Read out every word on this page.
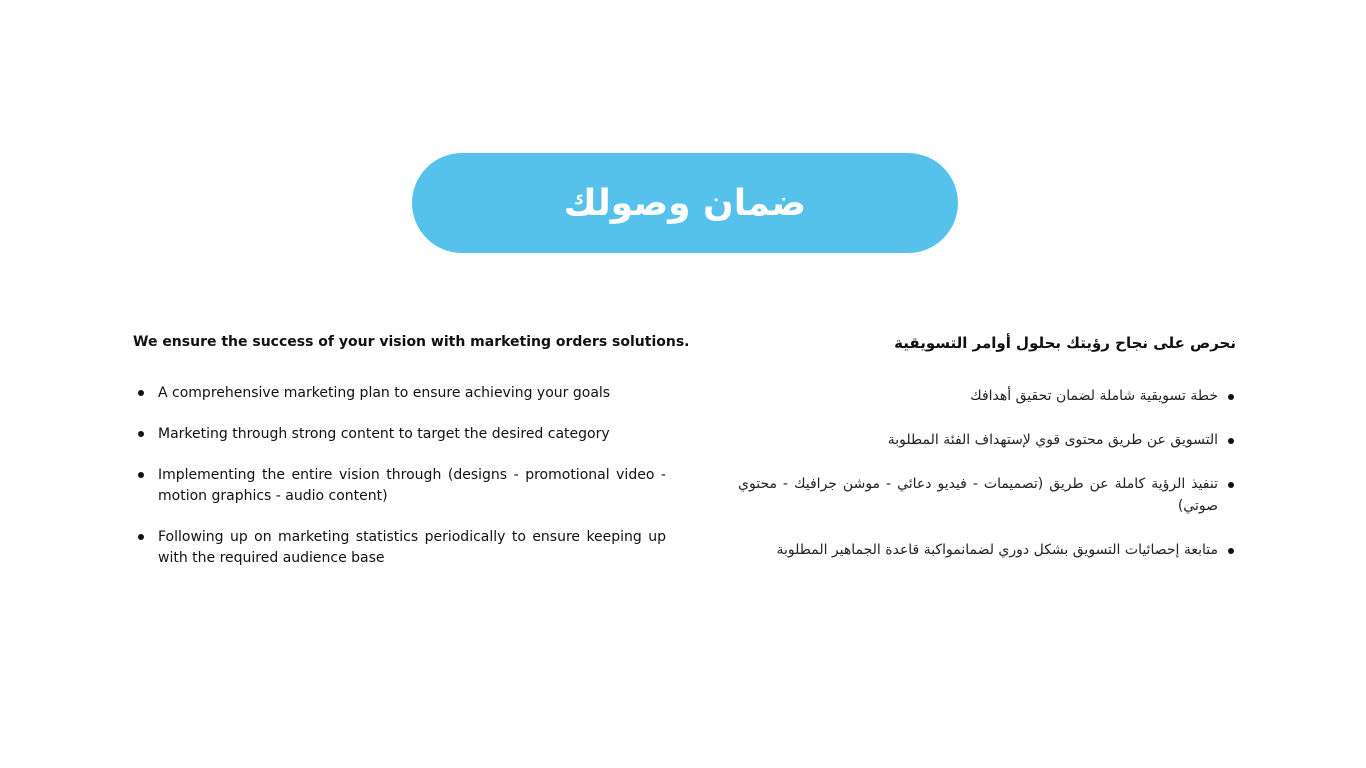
ضمان وصولك

We ensure the success of your vision with marketing orders solutions.

A comprehensive marketing plan to ensure achieving your goals
Marketing through strong content to target the desired category
Implementing the entire vision through (designs - promotional video - motion graphics - audio content)
Following up on marketing statistics periodically to ensure keeping up with the required audience base

نحرص على نجاح رؤيتك بحلول أوامر التسويقية

خطة تسويقية شاملة لضمان تحقيق أهدافك
التسويق عن طريق محتوى قوي لإستهداف الفئة المطلوبة
تنفيذ الرؤية كاملة عن طريق (تصميمات - فيديو دعائي - موشن جرافيك - محتوي صوتي)
متابعة إحصائيات التسويق بشكل دوري لضمانمواكبة قاعدة الجماهير المطلوبة
